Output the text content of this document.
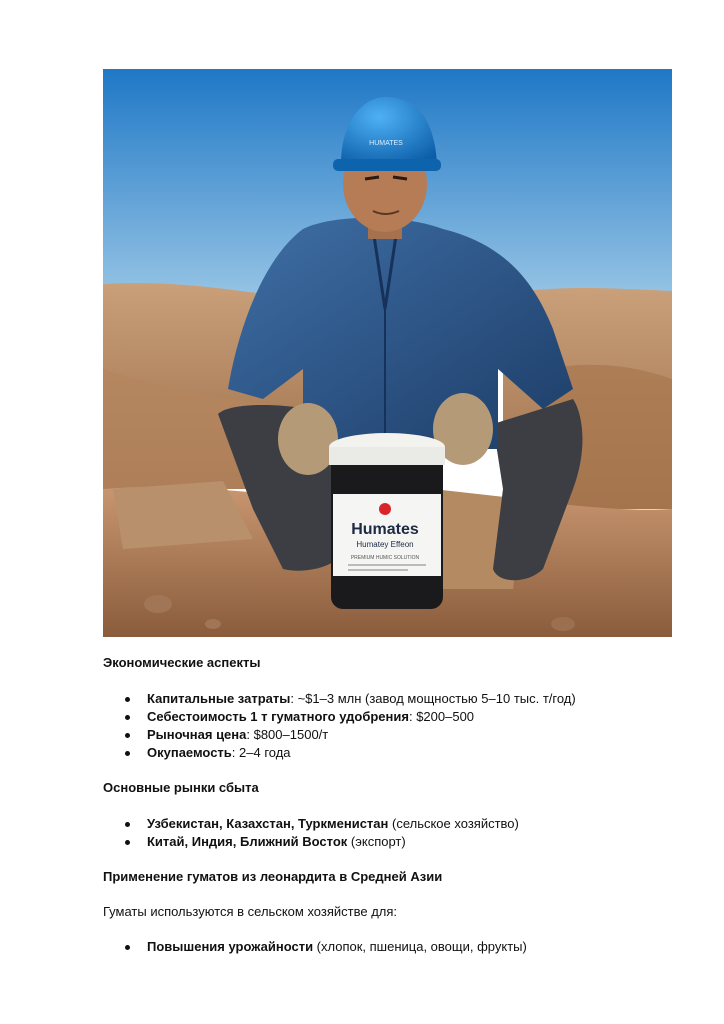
HUMATES
Humates
Humatey Effeon
PREMIUM HUMIC SOLUTION

Экономические аспекты

Капитальные затраты: ~$1–3 млн (завод мощностью 5–10 тыс. т/год)
Себестоимость 1 т гуматного удобрения: $200–500
Рыночная цена: $800–1500/т
Окупаемость: 2–4 года

Основные рынки сбыта

Узбекистан, Казахстан, Туркменистан (сельское хозяйство)
Китай, Индия, Ближний Восток (экспорт)

Применение гуматов из леонардита в Средней Азии

Гуматы используются в сельском хозяйстве для:

Повышения урожайности (хлопок, пшеница, овощи, фрукты)
